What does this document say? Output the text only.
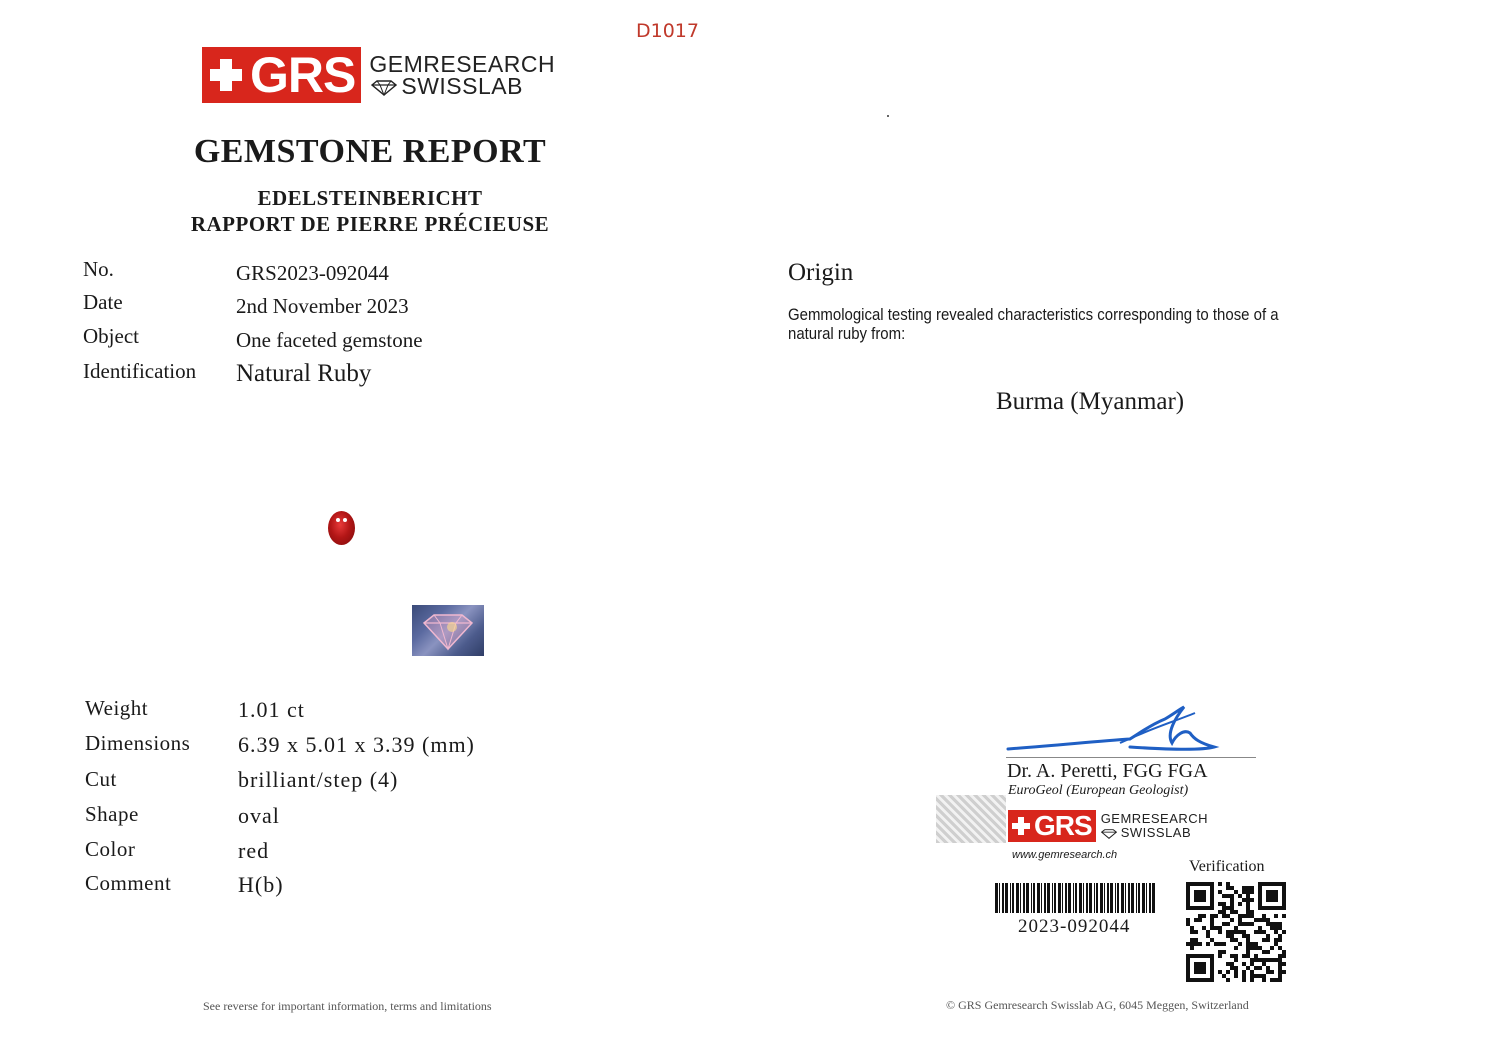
D1017
GRS GEMRESEARCH
SWISSLAB
GEMSTONE REPORT
EDELSTEINBERICHT
RAPPORT DE PIERRE PRÉCIEUSE
No.	GRS2023-092044
Date	2nd November 2023
Object	One faceted gemstone
Identification Natural Ruby
Weight	1.01 ct
Dimensions 6.39 x 5.01 x 3.39 (mm)
Cut	brilliant/step (4)
Shape	oval
Color	red
Comment	H(b)
Origin
Gemmological testing revealed characteristics corresponding to those of a natural ruby from:
Burma (Myanmar)
Dr. A. Peretti, FGG FGA
EuroGeol (European Geologist)
GRS GEMRESEARCH
SWISSLAB
www.gemresearch.ch
Verification
2023-092044
See reverse for important information, terms and limitations	© GRS Gemresearch Swisslab AG, 6045 Meggen, Switzerland
